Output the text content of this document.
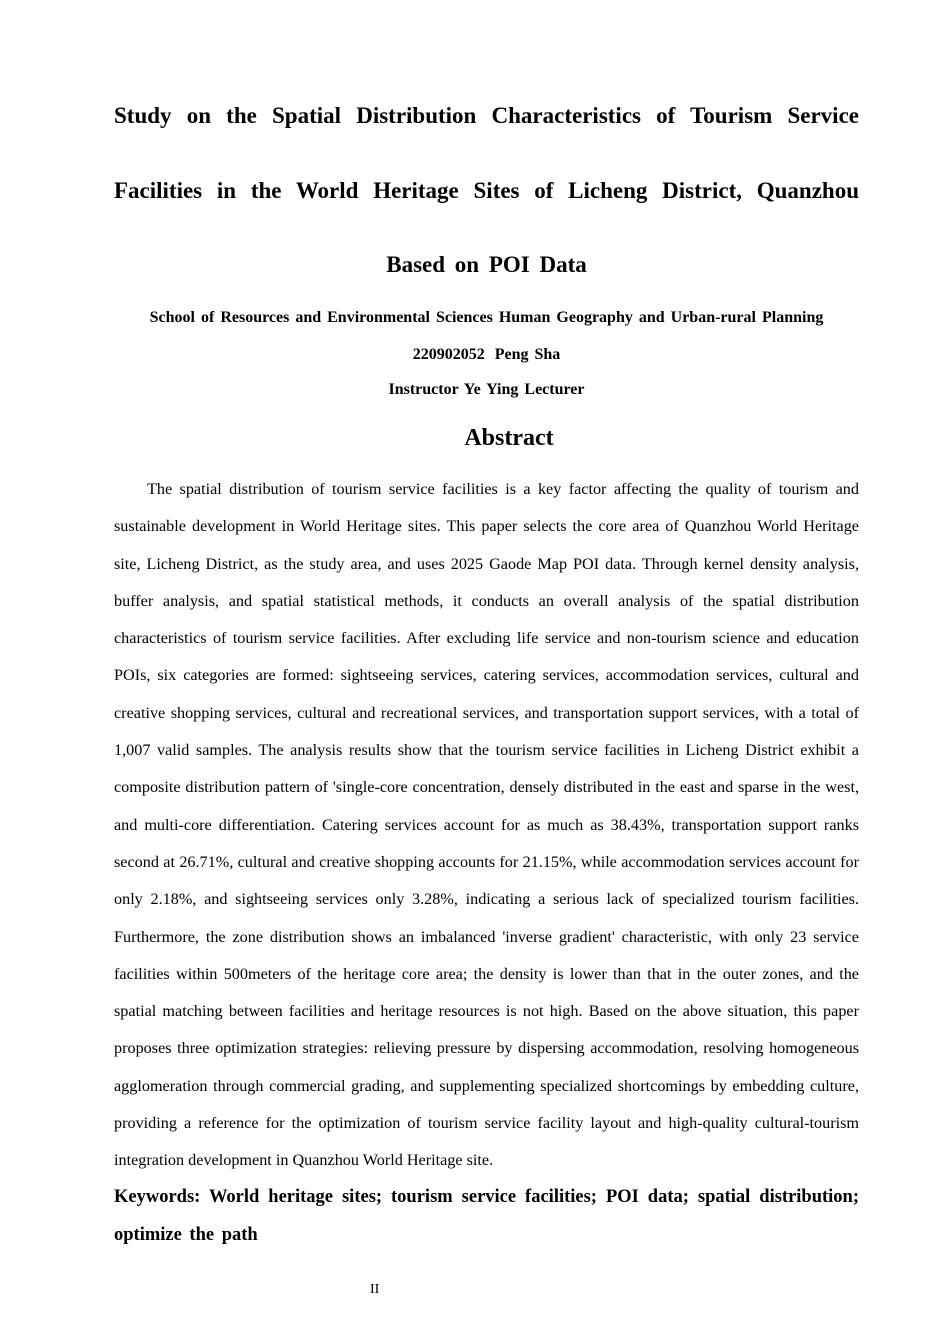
Study on the Spatial Distribution Characteristics of Tourism Service
Facilities in the World Heritage Sites of Licheng District, Quanzhou
Based on POI Data
School of Resources and Environmental Sciences Human Geography and Urban-rural Planning
220902052 Peng Sha
Instructor Ye Ying Lecturer
Abstract

The spatial distribution of tourism service facilities is a key factor affecting the quality of tourism and sustainable development in World Heritage sites. This paper selects the core area of Quanzhou World Heritage site, Licheng District, as the study area, and uses 2025 Gaode Map POI data. Through kernel density analysis, buffer analysis, and spatial statistical methods, it conducts an overall analysis of the spatial distribution characteristics of tourism service facilities. After excluding life service and non-tourism science and education POIs, six categories are formed: sightseeing services, catering services, accommodation services, cultural and creative shopping services, cultural and recreational services, and transportation support services, with a total of 1,007 valid samples. The analysis results show that the tourism service facilities in Licheng District exhibit a composite distribution pattern of 'single-core concentration, densely distributed in the east and sparse in the west, and multi-core differentiation. Catering services account for as much as 38.43%, transportation support ranks second at 26.71%, cultural and creative shopping accounts for 21.15%, while accommodation services account for only 2.18%, and sightseeing services only 3.28%, indicating a serious lack of specialized tourism facilities. Furthermore, the zone distribution shows an imbalanced 'inverse gradient' characteristic, with only 23 service facilities within 500meters of the heritage core area; the density is lower than that in the outer zones, and the spatial matching between facilities and heritage resources is not high. Based on the above situation, this paper proposes three optimization strategies: relieving pressure by dispersing accommodation, resolving homogeneous agglomeration through commercial grading, and supplementing specialized shortcomings by embedding culture, providing a reference for the optimization of tourism service facility layout and high-quality cultural-tourism integration development in Quanzhou World Heritage site.

Keywords: World heritage sites; tourism service facilities; POI data; spatial distribution; optimize the path

II
